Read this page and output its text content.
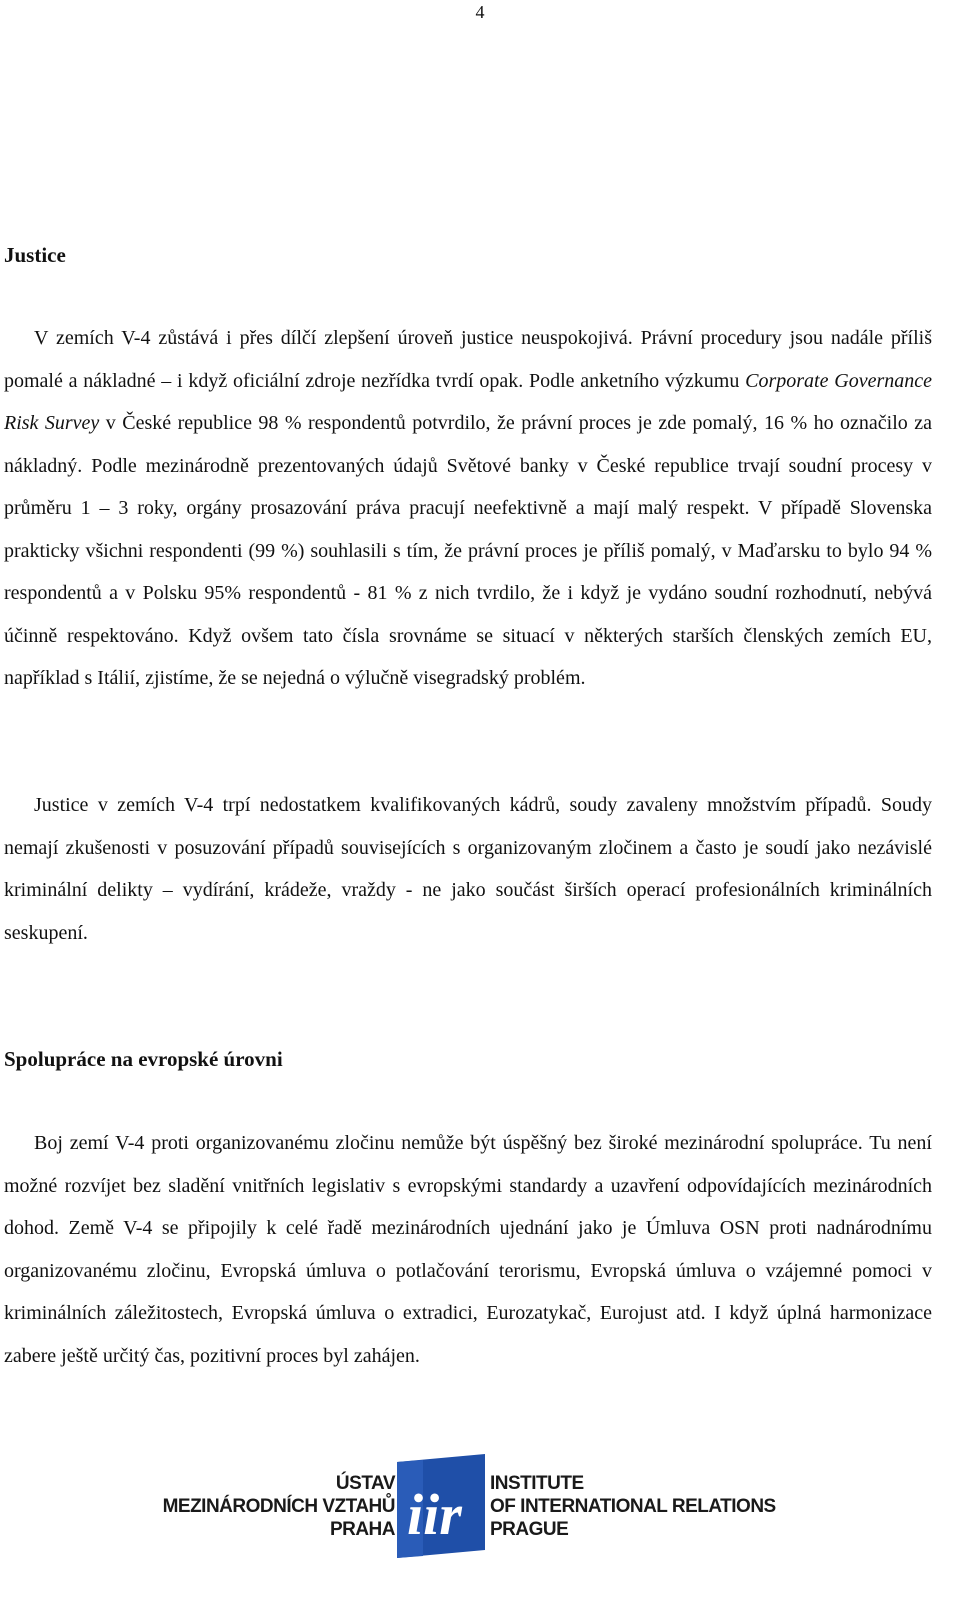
4
Justice

V zemích V-4 zůstává i přes dílčí zlepšení úroveň justice neuspokojivá. Právní procedury jsou nadále příliš pomalé a nákladné – i když oficiální zdroje nezřídka tvrdí opak. Podle anketního výzkumu Corporate Governance Risk Survey v České republice 98 % respondentů potvrdilo, že právní proces je zde pomalý, 16 % ho označilo za nákladný. Podle mezinárodně prezentovaných údajů Světové banky v České republice trvají soudní procesy v průměru 1 – 3 roky, orgány prosazování práva pracují neefektivně a mají malý respekt. V případě Slovenska prakticky všichni respondenti (99 %) souhlasili s tím, že právní proces je příliš pomalý, v Maďarsku to bylo 94 % respondentů a v Polsku 95% respondentů - 81 % z nich tvrdilo, že i když je vydáno soudní rozhodnutí, nebývá účinně respektováno. Když ovšem tato čísla srovnáme se situací v některých starších členských zemích EU, například s Itálií, zjistíme, že se nejedná o výlučně visegradský problém.

Justice v zemích V-4 trpí nedostatkem kvalifikovaných kádrů, soudy zavaleny množstvím případů. Soudy nemají zkušenosti v posuzování případů souvisejících s organizovaným zločinem a často je soudí jako nezávislé kriminální delikty – vydírání, krádeže, vraždy - ne jako součást širších operací profesionálních kriminálních seskupení.

Spolupráce na evropské úrovni

Boj zemí V-4 proti organizovanému zločinu nemůže být úspěšný bez široké mezinárodní spolupráce. Tu není možné rozvíjet bez sladění vnitřních legislativ s evropskými standardy a uzavření odpovídajících mezinárodních dohod. Země V-4 se připojily k celé řadě mezinárodních ujednání jako je Úmluva OSN proti nadnárodnímu organizovanému zločinu, Evropská úmluva o potlačování terorismu, Evropská úmluva o vzájemné pomoci v kriminálních záležitostech, Evropská úmluva o extradici, Eurozatykač, Eurojust atd. I když úplná harmonizace zabere ještě určitý čas, pozitivní proces byl zahájen.

ÚSTAV
MEZINÁRODNÍCH VZTAHŮ
PRAHA iir INSTITUTE
OF INTERNATIONAL RELATIONS
PRAGUE
